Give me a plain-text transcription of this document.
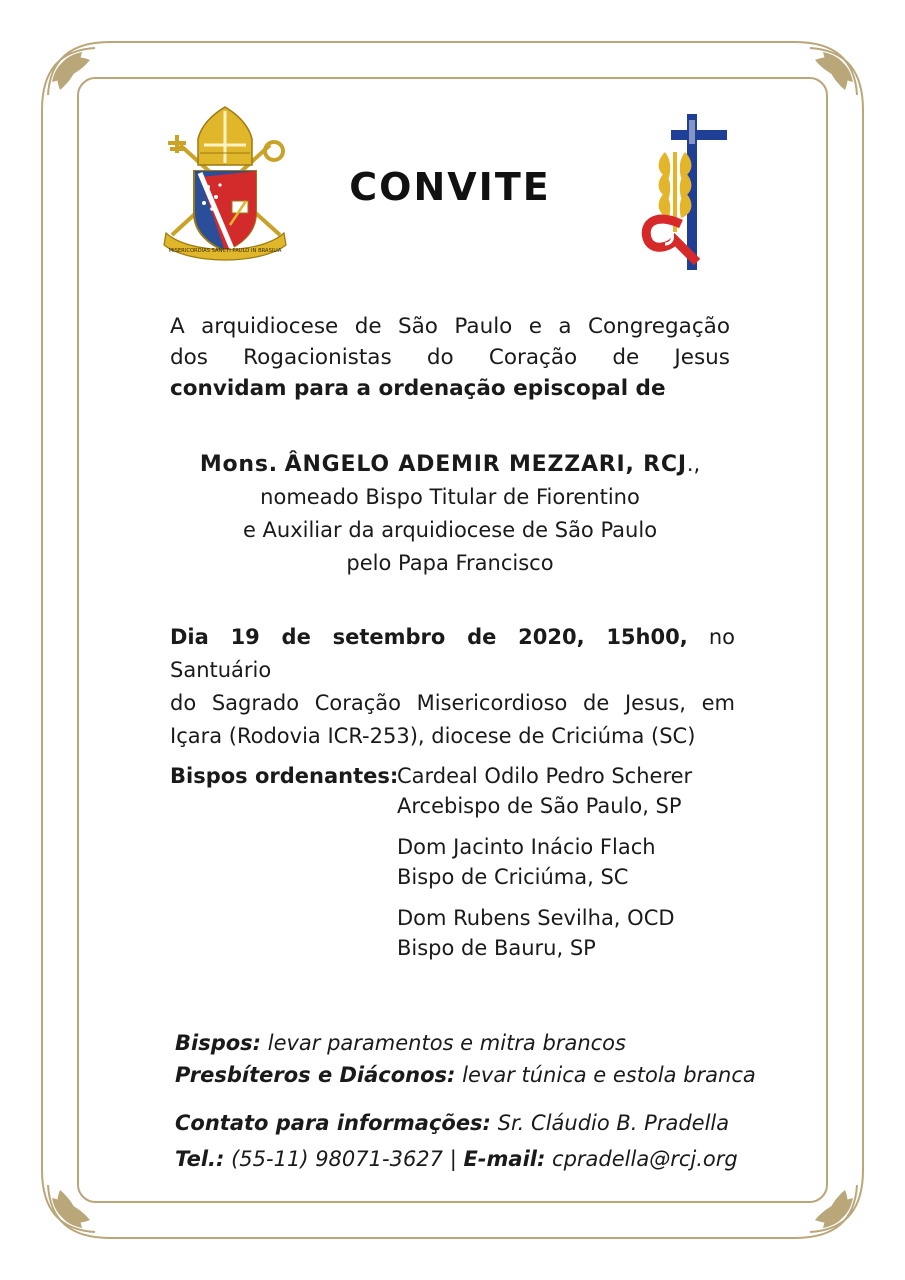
MISERICORDIAS SANCTI PAULO IN BRASILIA
CONVITE
A arquidiocese de São Paulo e a Congregação
dos Rogacionistas do Coração de Jesus
convidam para a ordenação episcopal de
Mons. ÂNGELO ADEMIR MEZZARI, RCJ.,
nomeado Bispo Titular de Fiorentino
e Auxiliar da arquidiocese de São Paulo
pelo Papa Francisco
Dia 19 de setembro de 2020, 15h00, no Santuário
do Sagrado Coração Misericordioso de Jesus, em
Içara (Rodovia ICR-253), diocese de Criciúma (SC)
Bispos ordenantes:
Cardeal Odilo Pedro Scherer
Arcebispo de São Paulo, SP
Dom Jacinto Inácio Flach
Bispo de Criciúma, SC
Dom Rubens Sevilha, OCD
Bispo de Bauru, SP
Bispos: levar paramentos e mitra brancos
Presbíteros e Diáconos: levar túnica e estola branca
Contato para informações: Sr. Cláudio B. Pradella
Tel.: (55-11) 98071-3627 | E-mail: cpradella@rcj.org
